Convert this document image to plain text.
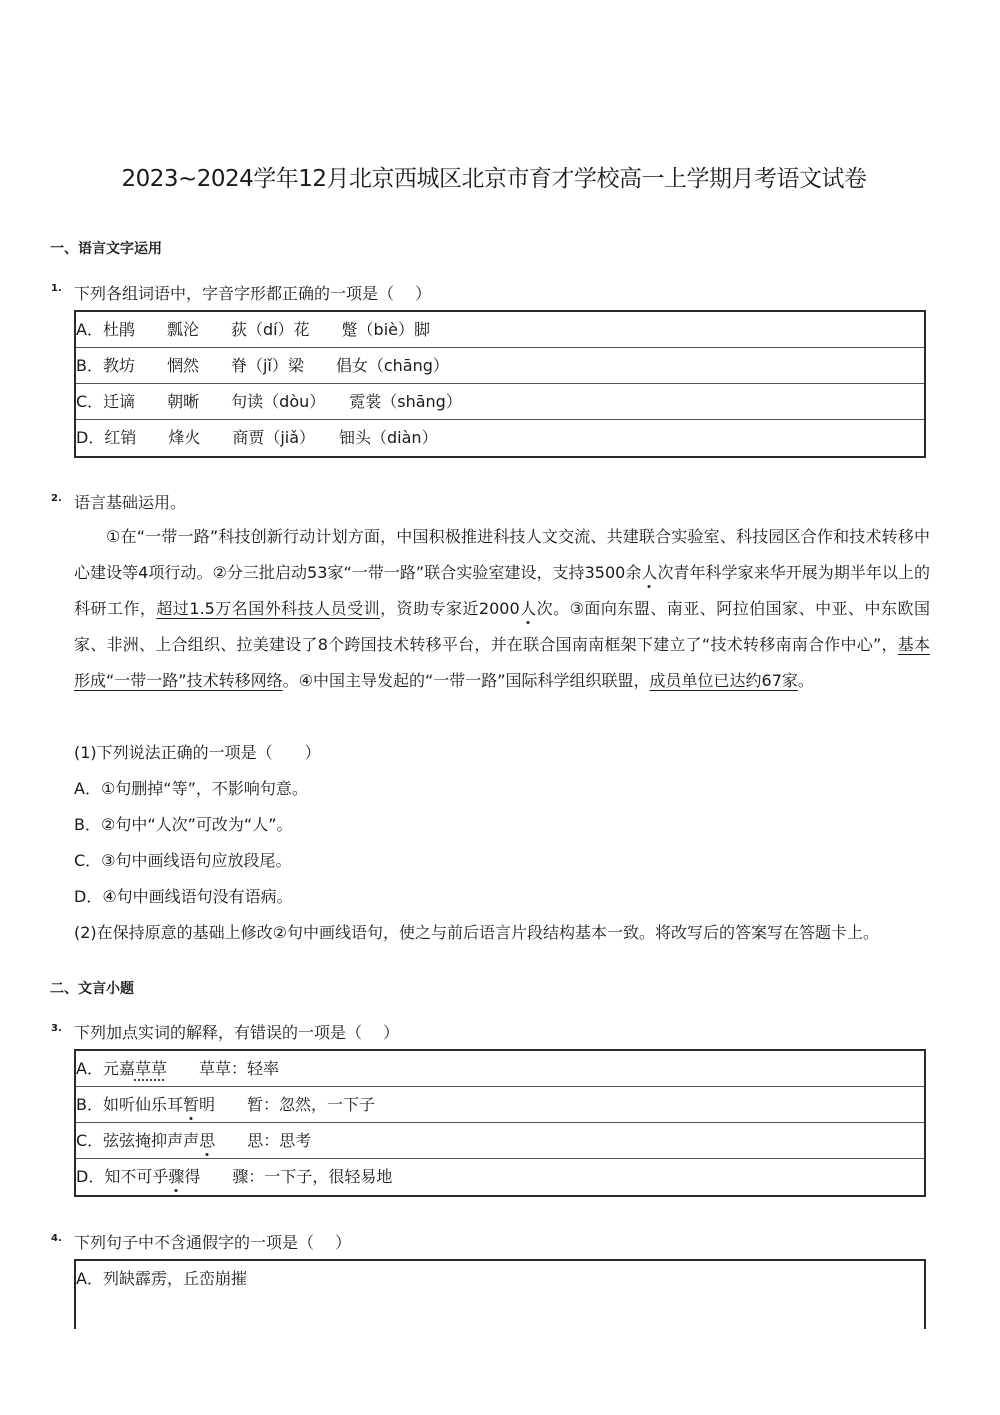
2023~2024学年12月北京西城区北京市育才学校高一上学期月考语文试卷
一、语言文字运用
1. 下列各组词语中，字音字形都正确的一项是（　 ）
A．杜鹃　　瓢沦　　荻（dí）花　　蹩（biè）脚
B．教坊　　惘然　　脊（jǐ）梁　　倡女（chāng）
C．迁谪　　朝晰　　句读（dòu）　　霓裳（shāng）
D．红销　　烽火　　商贾（jiǎ）　　钿头（diàn）
2. 语言基础运用。
①在“一带一路”科技创新行动计划方面，中国积极推进科技人文交流、共建联合实验室、科技园区合作和技术转移中心建设等4项行动。②分三批启动53家“一带一路”联合实验室建设，支持3500余人次青年科学家来华开展为期半年以上的科研工作，超过1.5万名国外科技人员受训，资助专家近2000人次。③面向东盟、南亚、阿拉伯国家、中亚、中东欧国家、非洲、上合组织、拉美建设了8个跨国技术转移平台，并在联合国南南框架下建立了“技术转移南南合作中心”，基本形成“一带一路”技术转移网络。④中国主导发起的“一带一路”国际科学组织联盟，成员单位已达约67家。
(1)下列说法正确的一项是（　　）
A．①句删掉“等”，不影响句意。
B．②句中“人次”可改为“人”。
C．③句中画线语句应放段尾。
D．④句中画线语句没有语病。
(2)在保持原意的基础上修改②句中画线语句，使之与前后语言片段结构基本一致。将改写后的答案写在答题卡上。
二、文言小题
3. 下列加点实词的解释，有错误的一项是（　 ）
A．元嘉草草　　草草：轻率
B．如听仙乐耳暂明　　暂：忽然，一下子
C．弦弦掩抑声声思　　思：思考
D．知不可乎骤得　　骤：一下子，很轻易地
4. 下列句子中不含通假字的一项是（　 ）
A．列缺霹雳，丘峦崩摧
